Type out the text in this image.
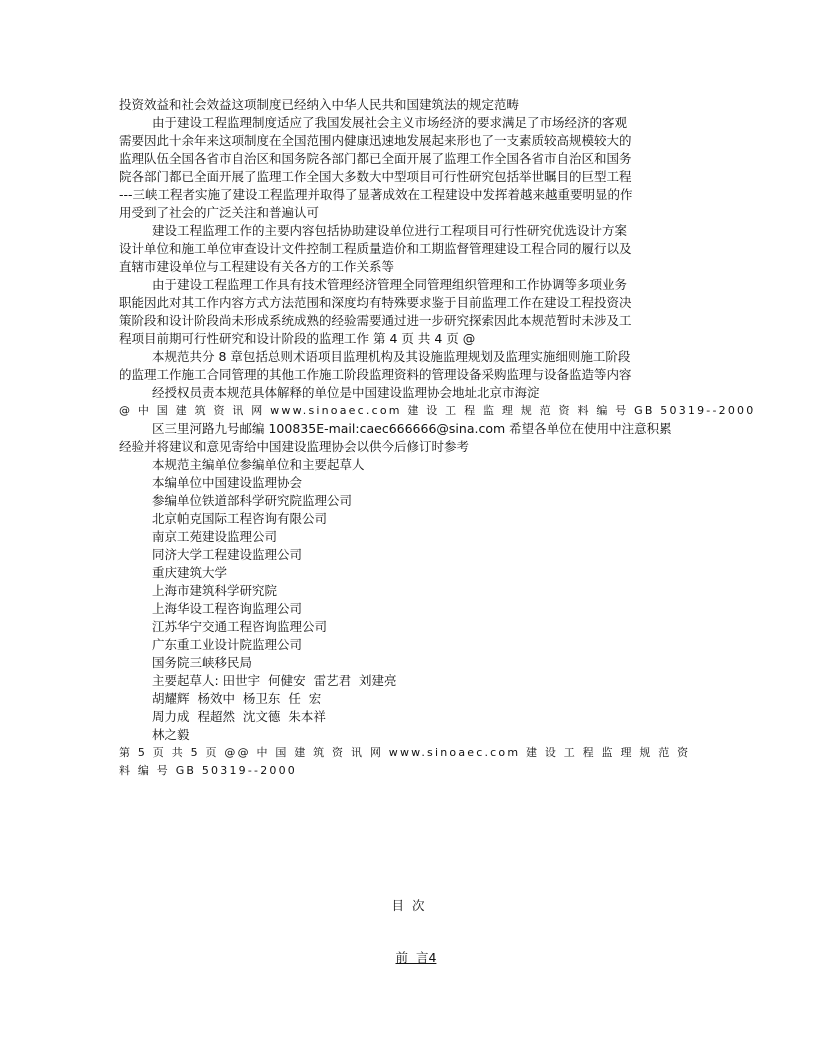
投资效益和社会效益这项制度已经纳入中华人民共和国建筑法的规定范畴
由于建设工程监理制度适应了我国发展社会主义市场经济的要求满足了市场经济的客观
需要因此十余年来这项制度在全国范围内健康迅速地发展起来形也了一支素质较高规模较大的
监理队伍全国各省市自治区和国务院各部门都已全面开展了监理工作全国各省市自治区和国务
院各部门都已全面开展了监理工作全国大多数大中型项目可行性研究包括举世瞩目的巨型工程
---三峡工程者实施了建设工程监理并取得了显著成效在工程建设中发挥着越来越重要明显的作
用受到了社会的广泛关注和普遍认可
建设工程监理工作的主要内容包括协助建设单位进行工程项目可行性研究优选设计方案
设计单位和施工单位审查设计文件控制工程质量造价和工期监督管理建设工程合同的履行以及
直辖市建设单位与工程建设有关各方的工作关系等
由于建设工程监理工作具有技术管理经济管理全同管理组织管理和工作协调等多项业务
职能因此对其工作内容方式方法范围和深度均有特殊要求鉴于目前监理工作在建设工程投资决
策阶段和设计阶段尚未形成系统成熟的经验需要通过进一步研究探索因此本规范暂时未涉及工
程项目前期可行性研究和设计阶段的监理工作 第 4 页 共 4 页 @
本规范共分 8 章包括总则术语项目监理机构及其设施监理规划及监理实施细则施工阶段
的监理工作施工合同管理的其他工作施工阶段监理资料的管理设备采购监理与设备监造等内容
经授权员责本规范具体解释的单位是中国建设监理协会地址北京市海淀
@ 中 国 建 筑 资 讯 网 www.sinoaec.com 建 设 工 程 监 理 规 范 资 料 编 号 GB 50319--2000
区三里河路九号邮编 100835E-mail:caec666666@sina.com 希望各单位在使用中注意积累
经验并将建议和意见寄给中国建设监理协会以供今后修订时参考
本规范主编单位参编单位和主要起草人
本编单位中国建设监理协会
参编单位铁道部科学研究院监理公司
北京帕克国际工程咨询有限公司
南京工苑建设监理公司
同济大学工程建设监理公司
重庆建筑大学
上海市建筑科学研究院
上海华设工程咨询监理公司
江苏华宁交通工程咨询监理公司
广东重工业设计院监理公司
国务院三峡移民局
主要起草人: 田世宇  何健安  雷艺君  刘建亮
胡耀辉  杨效中  杨卫东  任  宏
周力成  程超然  沈文德  朱本祥
林之毅
第 5 页 共 5 页 @@ 中 国 建 筑 资 讯 网 www.sinoaec.com 建 设 工 程 监 理 规 范 资
料 编 号 GB 50319--2000
目  次

前  言4
